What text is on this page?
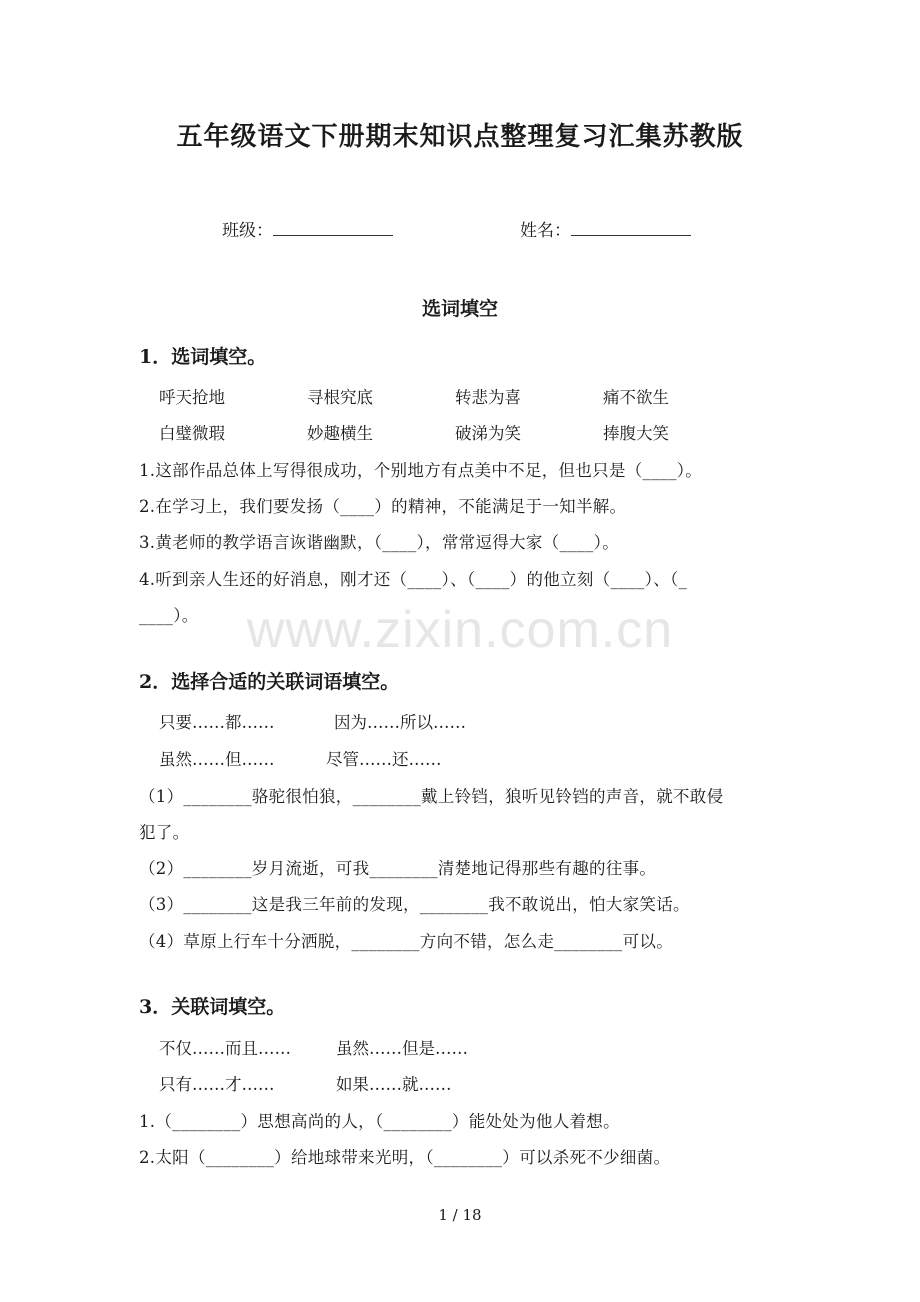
五年级语文下册期末知识点整理复习汇集苏教版
班级：	姓名：
选词填空
1．选词填空。
呼天抢地	寻根究底	转悲为喜	痛不欲生
白璧微瑕	妙趣横生	破涕为笑	捧腹大笑
1.这部作品总体上写得很成功，个别地方有点美中不足，但也只是（____）。
2.在学习上，我们要发扬（____）的精神，不能满足于一知半解。
3.黄老师的教学语言诙谐幽默，（____），常常逗得大家（____）。
4.听到亲人生还的好消息，刚才还（____）、（____）的他立刻（____）、（_
____）。 www.zixin.com.cn
2．选择合适的关联词语填空。
只要……都……	因为……所以……
虽然……但……	尽管……还……
（1）________骆驼很怕狼，________戴上铃铛，狼听见铃铛的声音，就不敢侵
犯了。
（2）________岁月流逝，可我________清楚地记得那些有趣的往事。
（3）________这是我三年前的发现，________我不敢说出，怕大家笑话。
（4）草原上行车十分洒脱，________方向不错，怎么走________可以。
3．关联词填空。
不仅……而且……	虽然……但是……
只有……才……	如果……就……
1.（________）思想高尚的人，（________）能处处为他人着想。
2.太阳（________）给地球带来光明，（________）可以杀死不少细菌。
1 / 18
